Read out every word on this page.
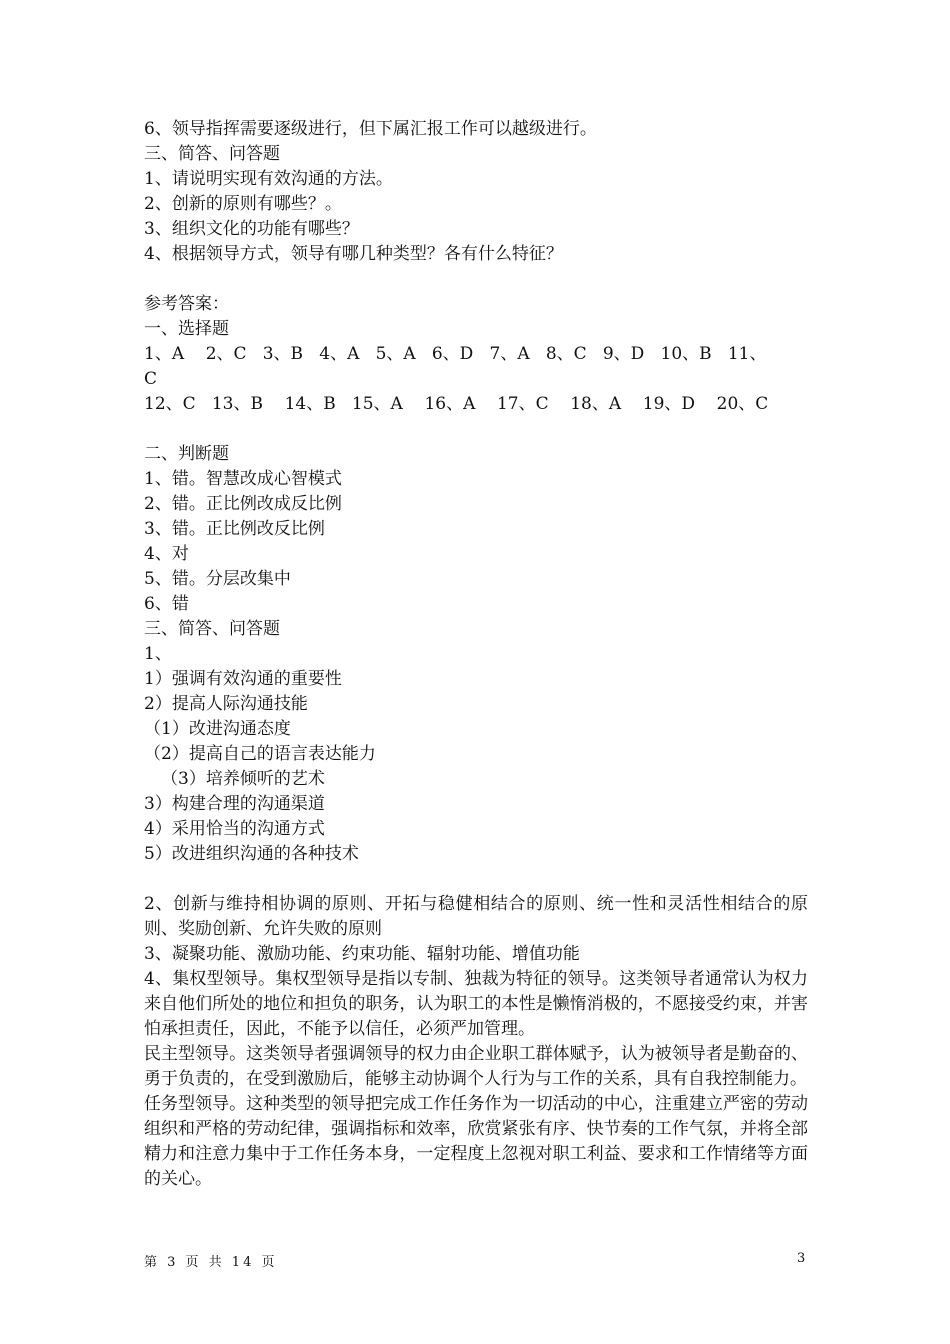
6、领导指挥需要逐级进行，但下属汇报工作可以越级进行。
三、简答、问答题
1、请说明实现有效沟通的方法。
2、创新的原则有哪些？。
3、组织文化的功能有哪些？
4、根据领导方式，领导有哪几种类型？各有什么特征？
参考答案：
一、选择题
1、A    2、C   3、B   4、A   5、A   6、D   7、A   8、C   9、D   10、B   11、
C
12、C   13、B    14、B   15、A    16、A    17、C    18、A    19、D    20、C
二、判断题
1、错。智慧改成心智模式
2、错。正比例改成反比例
3、错。正比例改反比例
4、对
5、错。分层改集中
6、错
三、简答、问答题
1、
1）强调有效沟通的重要性
2）提高人际沟通技能
（1）改进沟通态度
（2）提高自己的语言表达能力
（3）培养倾听的艺术
3）构建合理的沟通渠道
4）采用恰当的沟通方式
5）改进组织沟通的各种技术
2、创新与维持相协调的原则、开拓与稳健相结合的原则、统一性和灵活性相结合的原则、奖励创新、允许失败的原则
3、凝聚功能、激励功能、约束功能、辐射功能、增值功能
4、集权型领导。集权型领导是指以专制、独裁为特征的领导。这类领导者通常认为权力来自他们所处的地位和担负的职务，认为职工的本性是懒惰消极的，不愿接受约束，并害怕承担责任，因此，不能予以信任，必须严加管理。
民主型领导。这类领导者强调领导的权力由企业职工群体赋予，认为被领导者是勤奋的、勇于负责的，在受到激励后，能够主动协调个人行为与工作的关系，具有自我控制能力。
任务型领导。这种类型的领导把完成工作任务作为一切活动的中心，注重建立严密的劳动组织和严格的劳动纪律，强调指标和效率，欣赏紧张有序、快节奏的工作气氛，并将全部精力和注意力集中于工作任务本身，一定程度上忽视对职工利益、要求和工作情绪等方面的关心。
第 3 页 共 14 页	3
